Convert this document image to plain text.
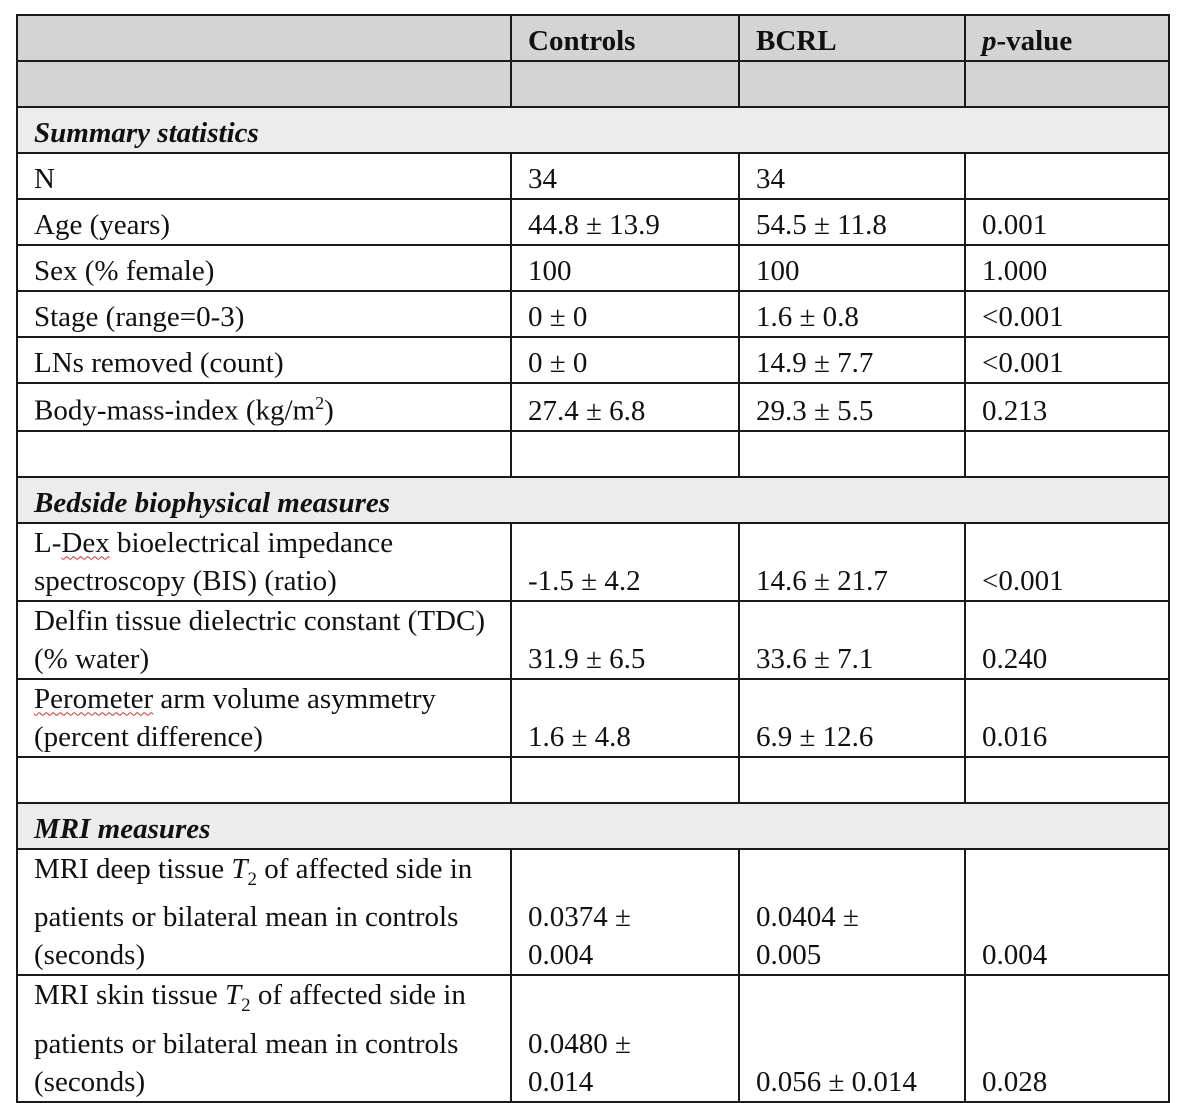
	Controls	BCRL	p-value

Summary statistics			
N	34	34	
Age (years)	44.8 ± 13.9	54.5 ± 11.8	0.001
Sex (% female)	100	100	1.000
Stage (range=0-3)	0 ± 0	1.6 ± 0.8	<0.001
LNs removed (count)	0 ± 0	14.9 ± 7.7	<0.001
Body-mass-index $(kg/m^2)$	27.4 ± 6.8	29.3 ± 5.5	0.213

Bedside biophysical measures			
L-Dex bioelectrical impedance spectroscopy (BIS) (ratio)	-1.5 ± 4.2	14.6 ± 21.7	<0.001
Delfin tissue dielectric constant (TDC) (% water)	31.9 ± 6.5	33.6 ± 7.1	0.240
Perometer arm volume asymmetry (percent difference)	1.6 ± 4.8	6.9 ± 12.6	0.016

MRI measures			
MRI deep tissue $T_2$ of affected side in patients or bilateral mean in controls (seconds)	0.0374 ± 0.004	0.0404 ± 0.005	0.004
MRI skin tissue $T_2$ of affected side in patients or bilateral mean in controls (seconds)	0.0480 ± 0.014	0.056 ± 0.014	0.028
